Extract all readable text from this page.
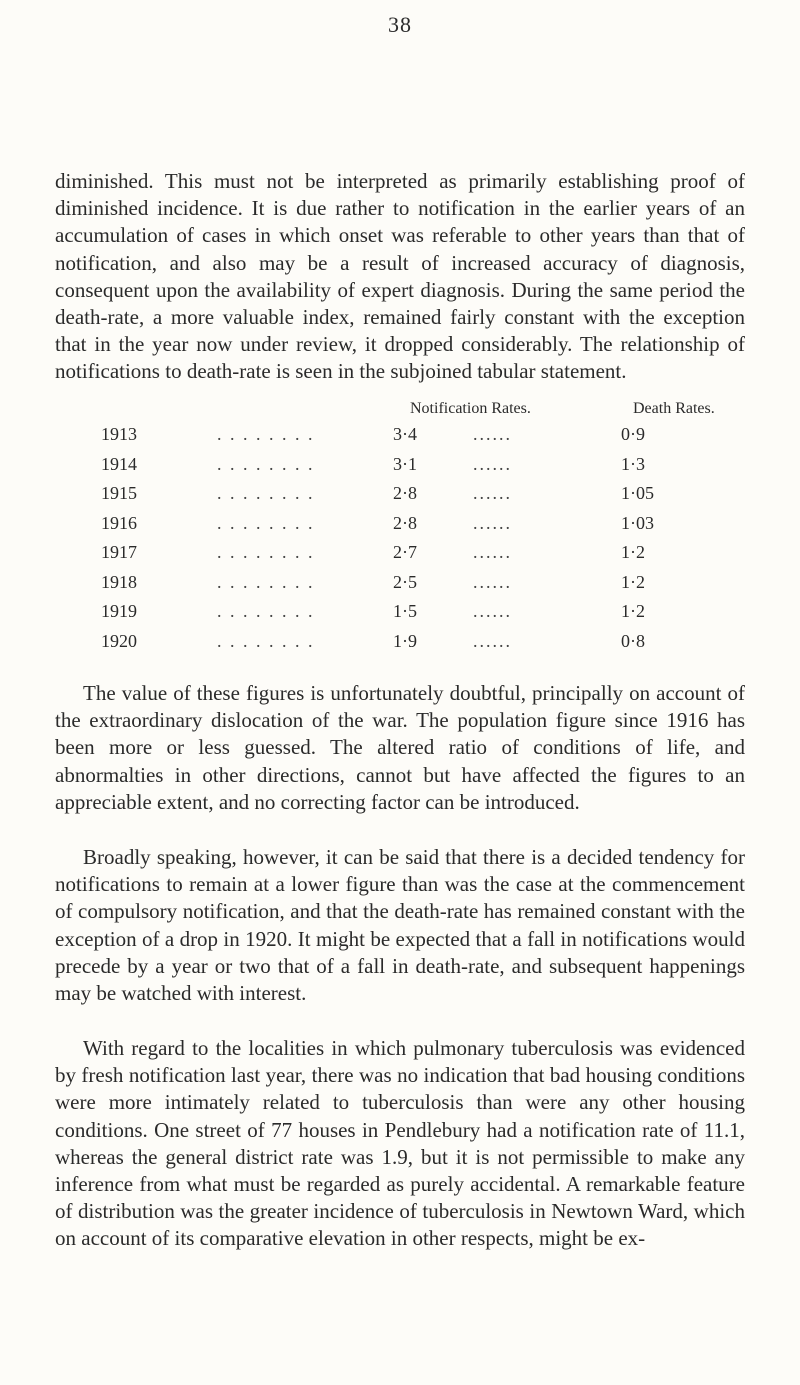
38

diminished. This must not be interpreted as primarily establishing proof of diminished incidence. It is due rather to notification in the earlier years of an accumulation of cases in which onset was referable to other years than that of notification, and also may be a result of increased accuracy of diagnosis, consequent upon the availability of expert diagnosis. During the same period the death-rate, a more valuable index, remained fairly constant with the exception that in the year now under review, it dropped considerably. The relationship of notifications to death-rate is seen in the subjoined tabular statement.

Notification Rates.	Death Rates.
1913	. . . . . . . .	3·4	......	0·9
1914	. . . . . . . .	3·1	......	1·3
1915	. . . . . . . .	2·8	......	1·05
1916	. . . . . . . .	2·8	......	1·03
1917	. . . . . . . .	2·7	......	1·2
1918	. . . . . . . .	2·5	......	1·2
1919	. . . . . . . .	1·5	......	1·2
1920	. . . . . . . .	1·9	......	0·8

The value of these figures is unfortunately doubtful, principally on account of the extraordinary dislocation of the war. The population figure since 1916 has been more or less guessed. The altered ratio of conditions of life, and abnormalties in other directions, cannot but have affected the figures to an appreciable extent, and no correcting factor can be introduced.

Broadly speaking, however, it can be said that there is a decided tendency for notifications to remain at a lower figure than was the case at the commencement of compulsory notification, and that the death-rate has remained constant with the exception of a drop in 1920. It might be expected that a fall in notifications would precede by a year or two that of a fall in death-rate, and subsequent happenings may be watched with interest.

With regard to the localities in which pulmonary tuberculosis was evidenced by fresh notification last year, there was no indication that bad housing conditions were more intimately related to tuberculosis than were any other housing conditions. One street of 77 houses in Pendlebury had a notification rate of 11.1, whereas the general district rate was 1.9, but it is not permissible to make any inference from what must be regarded as purely accidental. A remarkable feature of distribution was the greater incidence of tuberculosis in Newtown Ward, which on account of its comparative elevation in other respects, might be ex-
